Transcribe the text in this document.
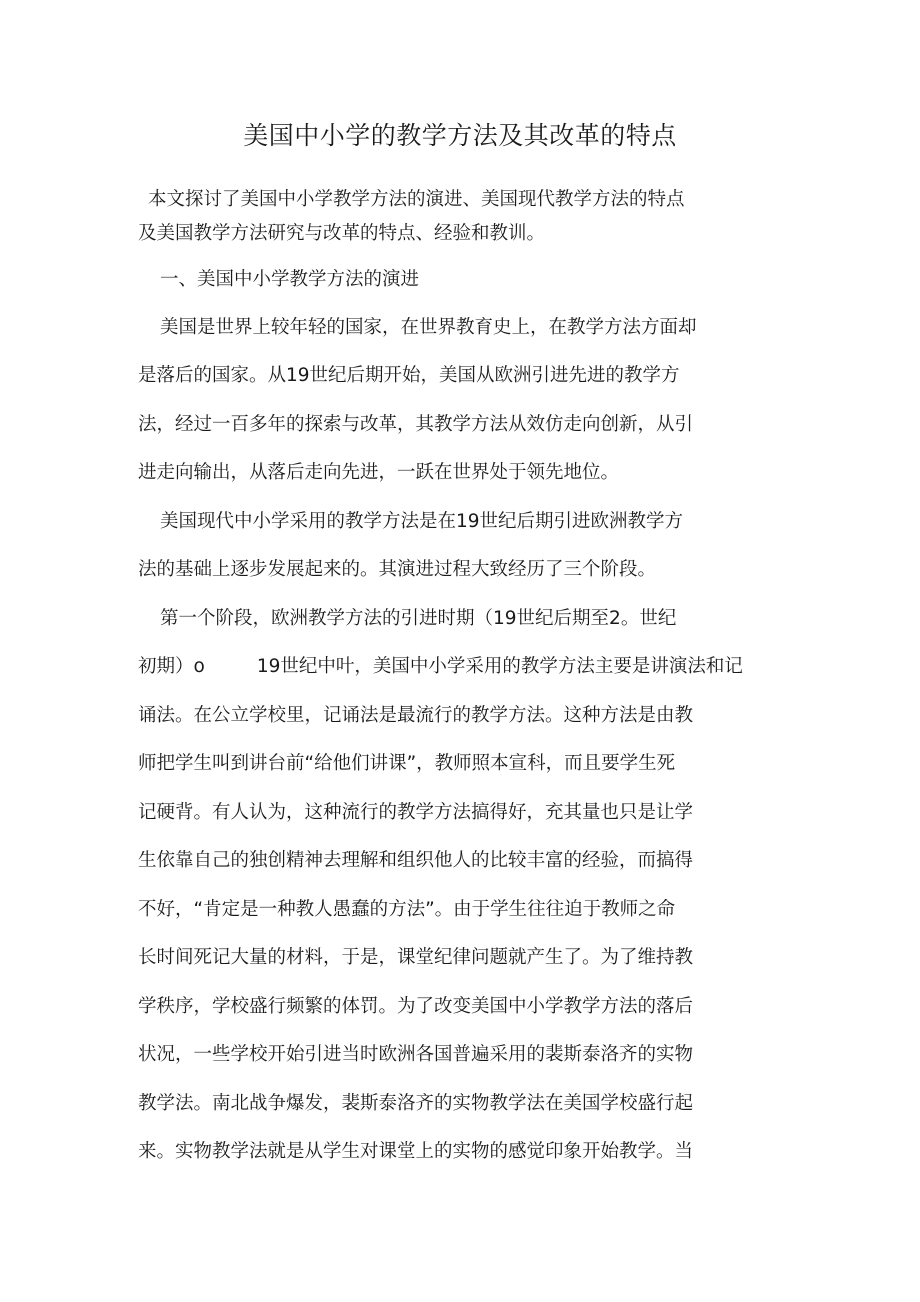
美国中小学的教学方法及其改革的特点
本文探讨了美国中小学教学方法的演进、美国现代教学方法的特点
及美国教学方法研究与改革的特点、经验和教训。
一、美国中小学教学方法的演进
美国是世界上较年轻的国家，在世界教育史上，在教学方法方面却
是落后的国家。从19世纪后期开始，美国从欧洲引进先进的教学方
法，经过一百多年的探索与改革，其教学方法从效仿走向创新，从引
进走向输出，从落后走向先进，一跃在世界处于领先地位。
美国现代中小学采用的教学方法是在19世纪后期引进欧洲教学方
法的基础上逐步发展起来的。其演进过程大致经历了三个阶段。
第一个阶段，欧洲教学方法的引进时期（19世纪后期至2。世纪
初期）o	19世纪中叶，美国中小学采用的教学方法主要是讲演法和记
诵法。在公立学校里，记诵法是最流行的教学方法。这种方法是由教
师把学生叫到讲台前“给他们讲课”，教师照本宣科，而且要学生死
记硬背。有人认为，这种流行的教学方法搞得好，充其量也只是让学
生依靠自己的独创精神去理解和组织他人的比较丰富的经验，而搞得
不好，“肯定是一种教人愚蠢的方法”。由于学生往往迫于教师之命
长时间死记大量的材料，于是，课堂纪律问题就产生了。为了维持教
学秩序，学校盛行频繁的体罚。为了改变美国中小学教学方法的落后
状况，一些学校开始引进当时欧洲各国普遍采用的裴斯泰洛齐的实物
教学法。南北战争爆发，裴斯泰洛齐的实物教学法在美国学校盛行起
来。实物教学法就是从学生对课堂上的实物的感觉印象开始教学。当
